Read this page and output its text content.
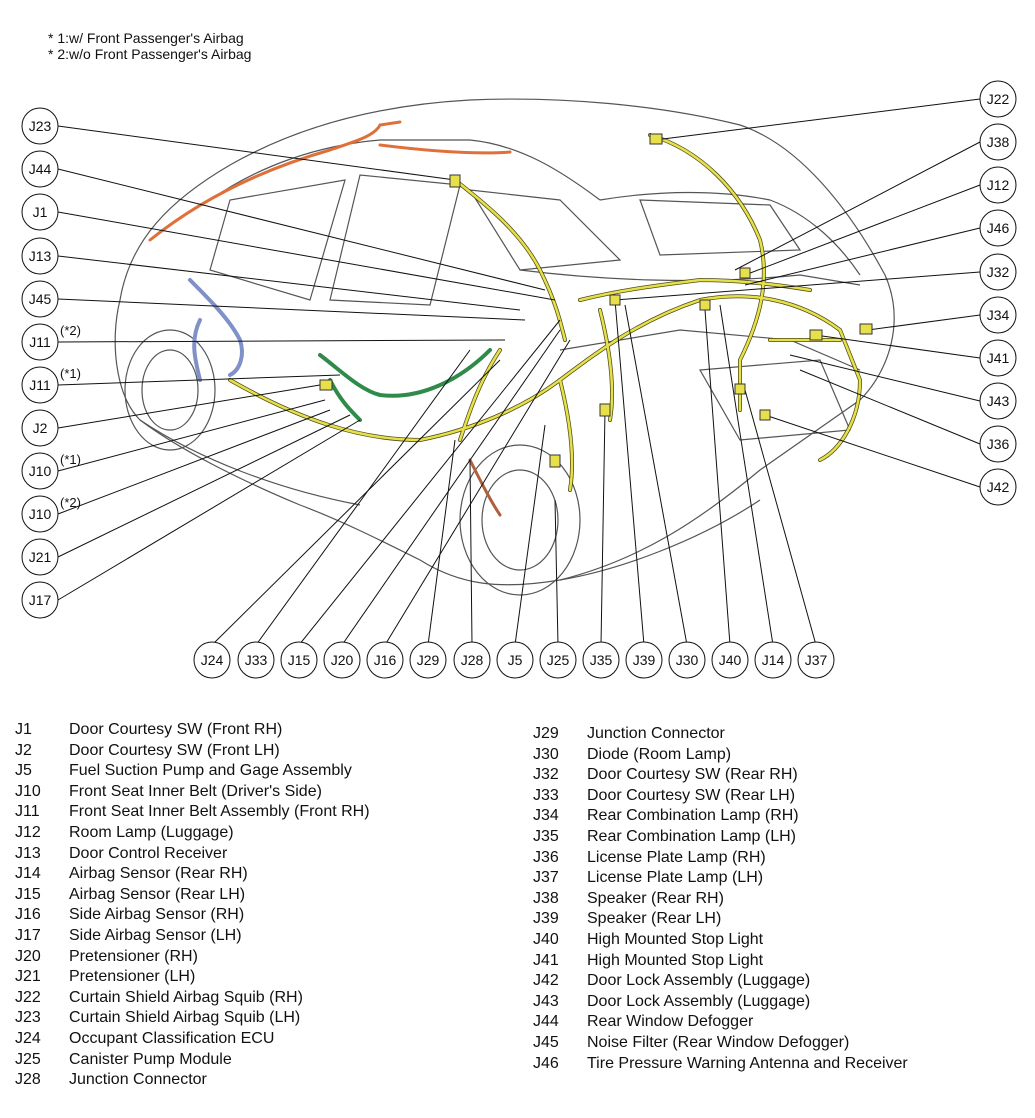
* 1:w/ Front Passenger's Airbag
* 2:w/o Front Passenger's Airbag
J23
J44
J1
J13
J45
J11
(*2)
J11
(*1)
J2
J10
(*1)
J10
(*2)
J21
J17
J22
J38
J12
J46
J32
J34
J41
J43
J36
J42
J24 J33 J15 J20 J16 J29 J28 J5 J25 J35 J39 J30 J40 J14 J37
J1	Door Courtesy SW (Front RH)
J2	Door Courtesy SW (Front LH)
J5	Fuel Suction Pump and Gage Assembly
J10	Front Seat Inner Belt (Driver's Side)
J11	Front Seat Inner Belt Assembly (Front RH)
J12	Room Lamp (Luggage)
J13	Door Control Receiver
J14	Airbag Sensor (Rear RH)
J15	Airbag Sensor (Rear LH)
J16	Side Airbag Sensor (RH)
J17	Side Airbag Sensor (LH)
J20	Pretensioner (RH)
J21	Pretensioner (LH)
J22	Curtain Shield Airbag Squib (RH)
J23	Curtain Shield Airbag Squib (LH)
J24	Occupant Classification ECU
J25	Canister Pump Module
J28	Junction Connector
J29	Junction Connector
J30	Diode (Room Lamp)
J32	Door Courtesy SW (Rear RH)
J33	Door Courtesy SW (Rear LH)
J34	Rear Combination Lamp (RH)
J35	Rear Combination Lamp (LH)
J36	License Plate Lamp (RH)
J37	License Plate Lamp (LH)
J38	Speaker (Rear RH)
J39	Speaker (Rear LH)
J40	High Mounted Stop Light
J41	High Mounted Stop Light
J42	Door Lock Assembly (Luggage)
J43	Door Lock Assembly (Luggage)
J44	Rear Window Defogger
J45	Noise Filter (Rear Window Defogger)
J46	Tire Pressure Warning Antenna and Receiver
